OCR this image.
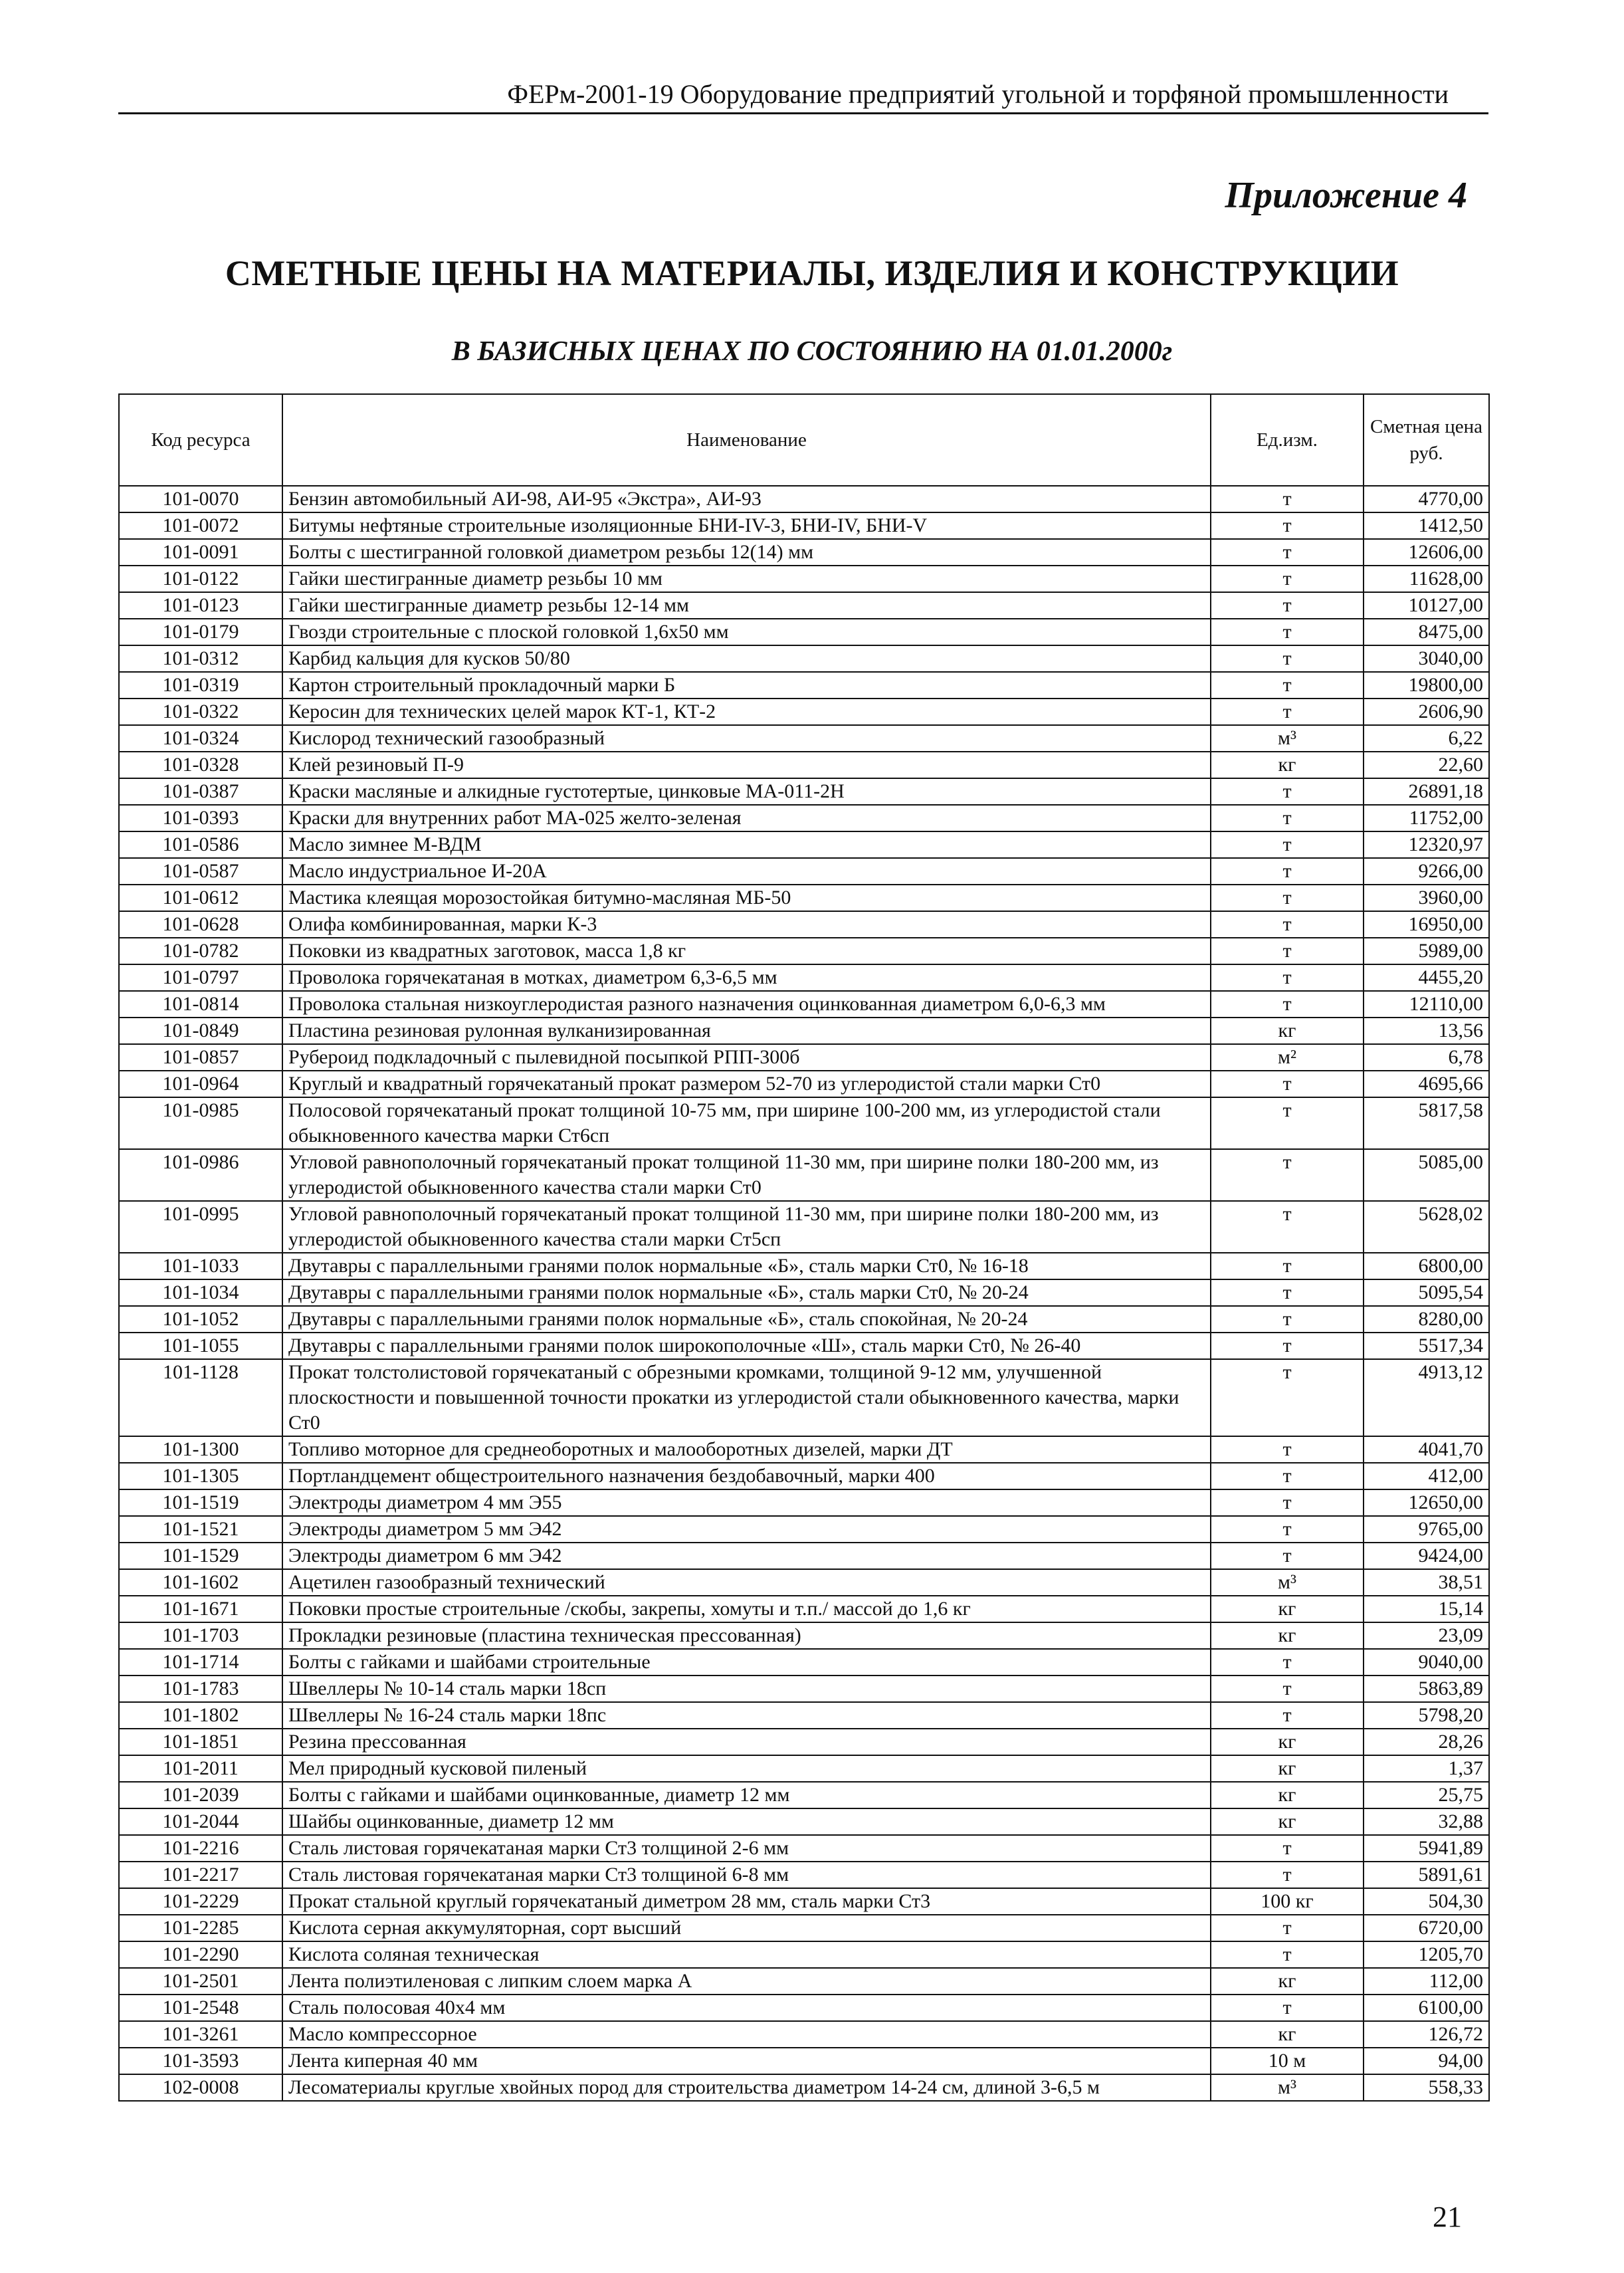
ФЕРм-2001-19 Оборудование предприятий угольной и торфяной промышленности
Приложение 4
СМЕТНЫЕ ЦЕНЫ НА МАТЕРИАЛЫ, ИЗДЕЛИЯ И КОНСТРУКЦИИ
В БАЗИСНЫХ ЦЕНАХ ПО СОСТОЯНИЮ НА 01.01.2000г
Код ресурса	Наименование	Ед.изм.	Сметная цена руб.
101-0070	Бензин автомобильный АИ-98, АИ-95 «Экстра», АИ-93	т	4770,00
101-0072	Битумы нефтяные строительные изоляционные БНИ-IV-3, БНИ-IV, БНИ-V	т	1412,50
101-0091	Болты с шестигранной головкой диаметром резьбы 12(14) мм	т	12606,00
101-0122	Гайки шестигранные диаметр резьбы 10 мм	т	11628,00
101-0123	Гайки шестигранные диаметр резьбы 12-14 мм	т	10127,00
101-0179	Гвозди строительные с плоской головкой 1,6х50 мм	т	8475,00
101-0312	Карбид кальция для кусков 50/80	т	3040,00
101-0319	Картон строительный прокладочный марки Б	т	19800,00
101-0322	Керосин для технических целей марок КТ-1, КТ-2	т	2606,90
101-0324	Кислород технический газообразный	м³	6,22
101-0328	Клей резиновый П-9	кг	22,60
101-0387	Краски масляные и алкидные густотертые, цинковые МА-011-2Н	т	26891,18
101-0393	Краски для внутренних работ МА-025 желто-зеленая	т	11752,00
101-0586	Масло зимнее М-ВДМ	т	12320,97
101-0587	Масло индустриальное И-20А	т	9266,00
101-0612	Мастика клеящая морозостойкая битумно-масляная МБ-50	т	3960,00
101-0628	Олифа комбинированная, марки К-3	т	16950,00
101-0782	Поковки из квадратных заготовок, масса 1,8 кг	т	5989,00
101-0797	Проволока горячекатаная в мотках, диаметром 6,3-6,5 мм	т	4455,20
101-0814	Проволока стальная низкоуглеродистая разного назначения оцинкованная диаметром 6,0-6,3 мм	т	12110,00
101-0849	Пластина резиновая рулонная вулканизированная	кг	13,56
101-0857	Рубероид подкладочный с пылевидной посыпкой РПП-300б	м²	6,78
101-0964	Круглый и квадратный горячекатаный прокат размером 52-70 из углеродистой стали марки Ст0	т	4695,66
101-0985	Полосовой горячекатаный прокат толщиной 10-75 мм, при ширине 100-200 мм, из углеродистой стали обыкновенного качества марки Ст6сп	т	5817,58
101-0986	Угловой равнополочный горячекатаный прокат толщиной 11-30 мм, при ширине полки 180-200 мм, из углеродистой обыкновенного качества стали марки Ст0	т	5085,00
101-0995	Угловой равнополочный горячекатаный прокат толщиной 11-30 мм, при ширине полки 180-200 мм, из углеродистой обыкновенного качества стали марки Ст5сп	т	5628,02
101-1033	Двутавры с параллельными гранями полок нормальные «Б», сталь марки Ст0, № 16-18	т	6800,00
101-1034	Двутавры с параллельными гранями полок нормальные «Б», сталь марки Ст0, № 20-24	т	5095,54
101-1052	Двутавры с параллельными гранями полок нормальные «Б», сталь спокойная, № 20-24	т	8280,00
101-1055	Двутавры с параллельными гранями полок широкополочные «Ш», сталь марки Ст0, № 26-40	т	5517,34
101-1128	Прокат толстолистовой горячекатаный с обрезными кромками, толщиной 9-12 мм, улучшенной плоскостности и повышенной точности прокатки из углеродистой стали обыкновенного качества, марки Ст0	т	4913,12
101-1300	Топливо моторное для среднеоборотных и малооборотных дизелей, марки ДТ	т	4041,70
101-1305	Портландцемент общестроительного назначения бездобавочный, марки 400	т	412,00
101-1519	Электроды диаметром 4 мм Э55	т	12650,00
101-1521	Электроды диаметром 5 мм Э42	т	9765,00
101-1529	Электроды диаметром 6 мм Э42	т	9424,00
101-1602	Ацетилен газообразный технический	м³	38,51
101-1671	Поковки простые строительные /скобы, закрепы, хомуты и т.п./ массой до 1,6 кг	кг	15,14
101-1703	Прокладки резиновые (пластина техническая прессованная)	кг	23,09
101-1714	Болты с гайками и шайбами строительные	т	9040,00
101-1783	Швеллеры № 10-14 сталь марки 18сп	т	5863,89
101-1802	Швеллеры № 16-24 сталь марки 18пс	т	5798,20
101-1851	Резина прессованная	кг	28,26
101-2011	Мел природный кусковой пиленый	кг	1,37
101-2039	Болты с гайками и шайбами оцинкованные, диаметр 12 мм	кг	25,75
101-2044	Шайбы оцинкованные, диаметр 12 мм	кг	32,88
101-2216	Сталь листовая горячекатаная марки Ст3 толщиной 2-6 мм	т	5941,89
101-2217	Сталь листовая горячекатаная марки Ст3 толщиной 6-8 мм	т	5891,61
101-2229	Прокат стальной круглый горячекатаный диметром 28 мм, сталь марки Ст3	100 кг	504,30
101-2285	Кислота серная аккумуляторная, сорт высший	т	6720,00
101-2290	Кислота соляная техническая	т	1205,70
101-2501	Лента полиэтиленовая с липким слоем марка А	кг	112,00
101-2548	Сталь полосовая 40х4 мм	т	6100,00
101-3261	Масло компрессорное	кг	126,72
101-3593	Лента киперная 40 мм	10 м	94,00
102-0008	Лесоматериалы круглые хвойных пород для строительства диаметром 14-24 см, длиной 3-6,5 м	м³	558,33
21
